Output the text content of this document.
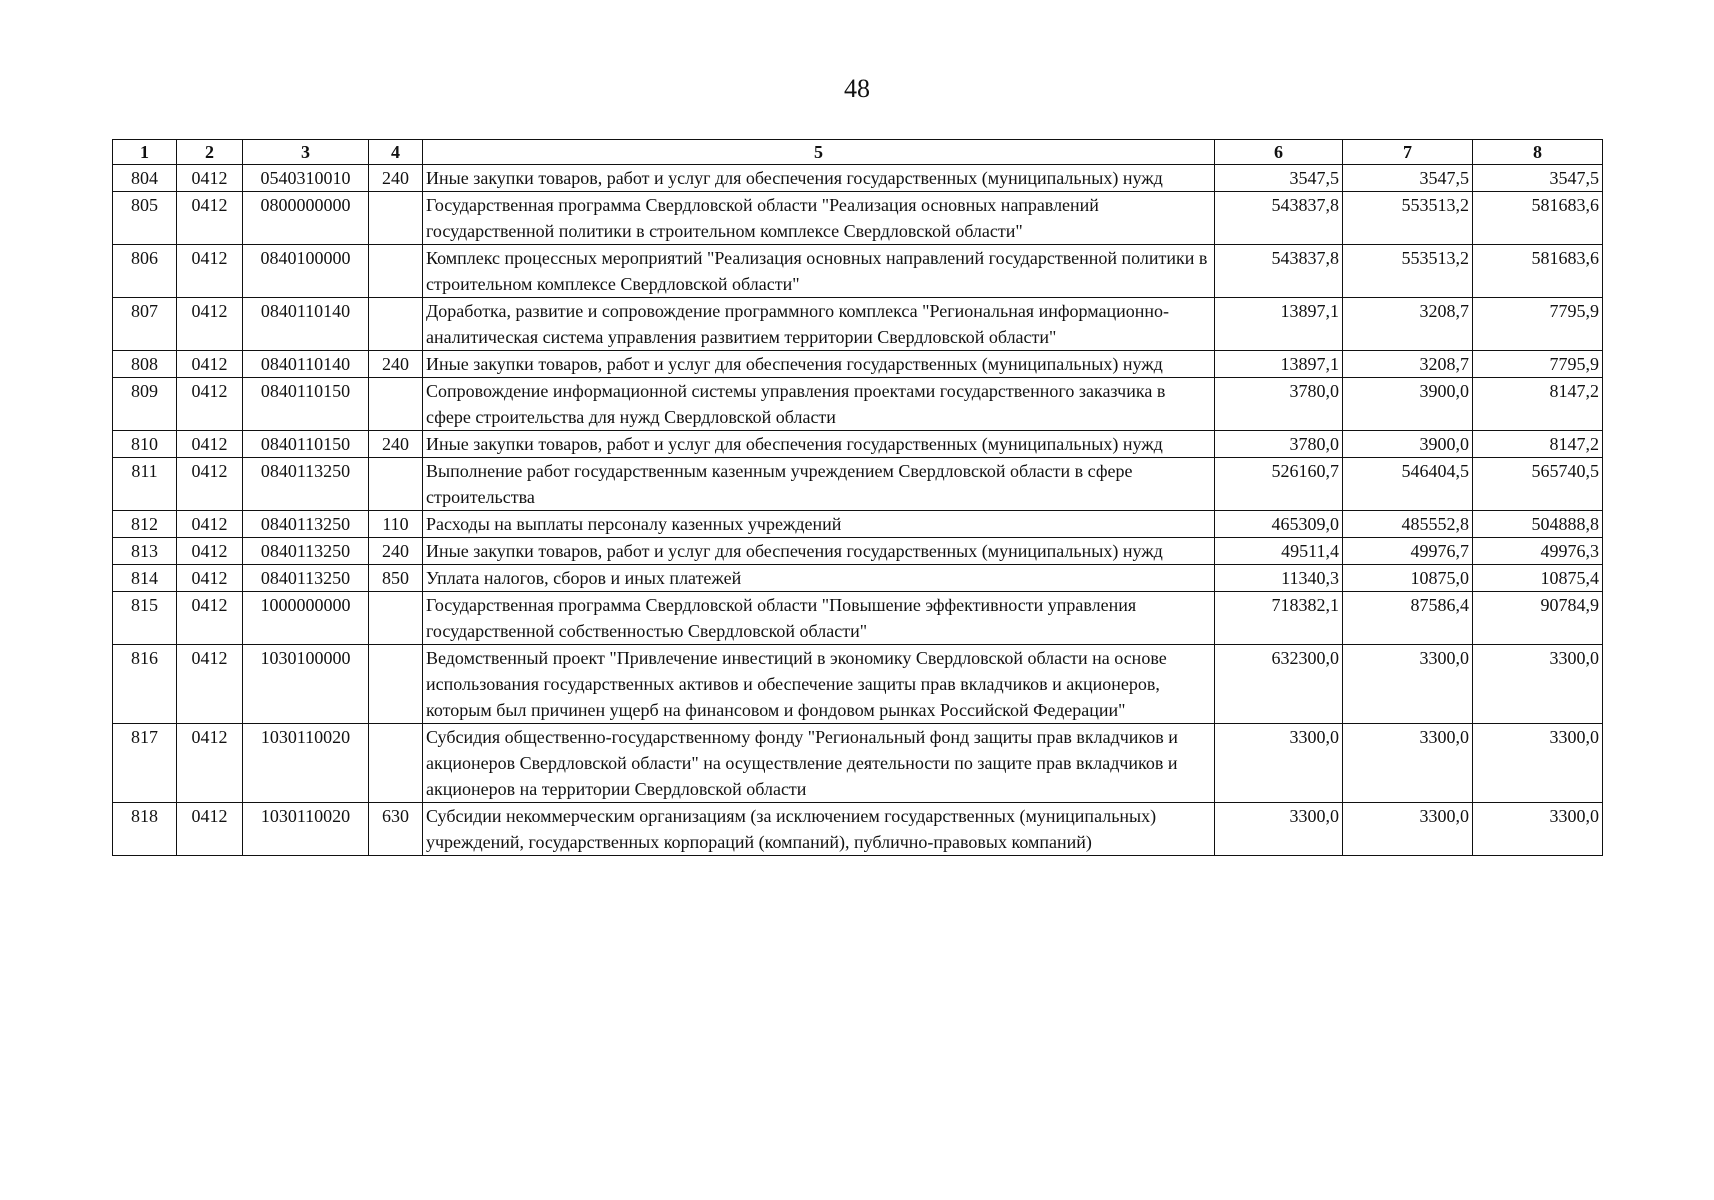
48
1	2	3	4	5	6	7	8
804	0412	0540310010	240	Иные закупки товаров, работ и услуг для обеспечения государственных (муниципальных) нужд	3547,5	3547,5	3547,5
805	0412	0800000000		Государственная программа Свердловской области "Реализация основных направлений государственной политики в строительном комплексе Свердловской области"	543837,8	553513,2	581683,6
806	0412	0840100000		Комплекс процессных мероприятий "Реализация основных направлений государственной политики в строительном комплексе Свердловской области"	543837,8	553513,2	581683,6
807	0412	0840110140		Доработка, развитие и сопровождение программного комплекса "Региональная информационно-аналитическая система управления развитием территории Свердловской области"	13897,1	3208,7	7795,9
808	0412	0840110140	240	Иные закупки товаров, работ и услуг для обеспечения государственных (муниципальных) нужд	13897,1	3208,7	7795,9
809	0412	0840110150		Сопровождение информационной системы управления проектами государственного заказчика в сфере строительства для нужд Свердловской области	3780,0	3900,0	8147,2
810	0412	0840110150	240	Иные закупки товаров, работ и услуг для обеспечения государственных (муниципальных) нужд	3780,0	3900,0	8147,2
811	0412	0840113250		Выполнение работ государственным казенным учреждением Свердловской области в сфере строительства	526160,7	546404,5	565740,5
812	0412	0840113250	110	Расходы на выплаты персоналу казенных учреждений	465309,0	485552,8	504888,8
813	0412	0840113250	240	Иные закупки товаров, работ и услуг для обеспечения государственных (муниципальных) нужд	49511,4	49976,7	49976,3
814	0412	0840113250	850	Уплата налогов, сборов и иных платежей	11340,3	10875,0	10875,4
815	0412	1000000000		Государственная программа Свердловской области "Повышение эффективности управления государственной собственностью Свердловской области"	718382,1	87586,4	90784,9
816	0412	1030100000		Ведомственный проект "Привлечение инвестиций в экономику Свердловской области на основе использования государственных активов и обеспечение защиты прав вкладчиков и акционеров, которым был причинен ущерб на финансовом и фондовом рынках Российской Федерации"	632300,0	3300,0	3300,0
817	0412	1030110020		Субсидия общественно-государственному фонду "Региональный фонд защиты прав вкладчиков и акционеров Свердловской области" на осуществление деятельности по защите прав вкладчиков и акционеров на территории Свердловской области	3300,0	3300,0	3300,0
818	0412	1030110020	630	Субсидии некоммерческим организациям (за исключением государственных (муниципальных) учреждений, государственных корпораций (компаний), публично-правовых компаний)	3300,0	3300,0	3300,0
